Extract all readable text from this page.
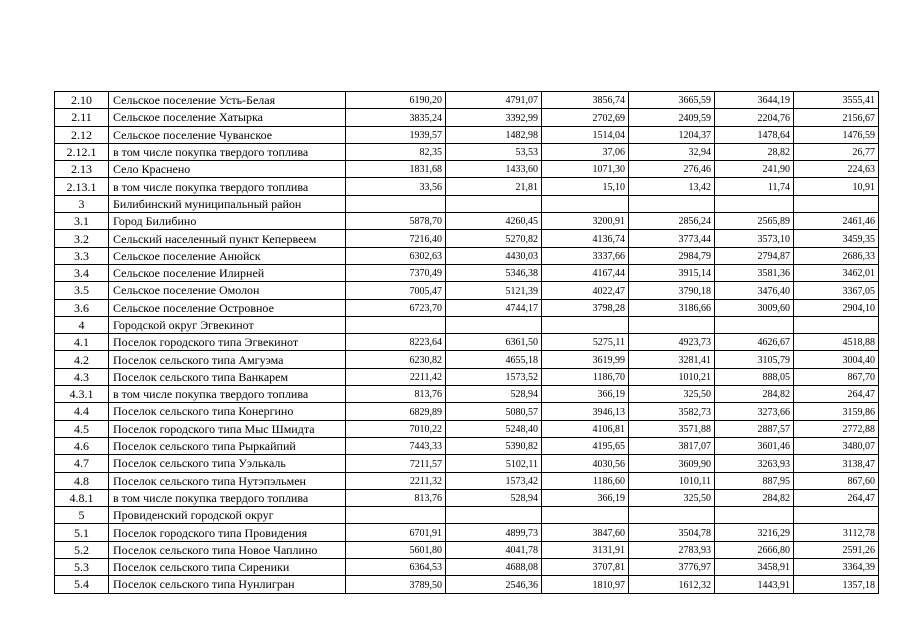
2.10	Сельское поселение Усть-Белая	6190,20	4791,07	3856,74	3665,59	3644,19	3555,41
2.11	Сельское поселение Хатырка	3835,24	3392,99	2702,69	2409,59	2204,76	2156,67
2.12	Сельское поселение Чуванское	1939,57	1482,98	1514,04	1204,37	1478,64	1476,59
2.12.1	в том числе покупка твердого топлива	82,35	53,53	37,06	32,94	28,82	26,77
2.13	Село Краснено	1831,68	1433,60	1071,30	276,46	241,90	224,63
2.13.1	в том числе покупка твердого топлива	33,56	21,81	15,10	13,42	11,74	10,91
3	Билибинский муниципальный район						
3.1	Город Билибино	5878,70	4260,45	3200,91	2856,24	2565,89	2461,46
3.2	Сельский населенный пункт Кепервеем	7216,40	5270,82	4136,74	3773,44	3573,10	3459,35
3.3	Сельское поселение Анюйск	6302,63	4430,03	3337,66	2984,79	2794,87	2686,33
3.4	Сельское поселение Илирней	7370,49	5346,38	4167,44	3915,14	3581,36	3462,01
3.5	Сельское поселение Омолон	7005,47	5121,39	4022,47	3790,18	3476,40	3367,05
3.6	Сельское поселение Островное	6723,70	4744,17	3798,28	3186,66	3009,60	2904,10
4	Городской округ Эгвекинот						
4.1	Поселок городского типа Эгвекинот	8223,64	6361,50	5275,11	4923,73	4626,67	4518,88
4.2	Поселок сельского типа Амгуэма	6230,82	4655,18	3619,99	3281,41	3105,79	3004,40
4.3	Поселок сельского типа Ванкарем	2211,42	1573,52	1186,70	1010,21	888,05	867,70
4.3.1	в том числе покупка твердого топлива	813,76	528,94	366,19	325,50	284,82	264,47
4.4	Поселок сельского типа Конергино	6829,89	5080,57	3946,13	3582,73	3273,66	3159,86
4.5	Поселок городского типа Мыс Шмидта	7010,22	5248,40	4106,81	3571,88	2887,57	2772,88
4.6	Поселок сельского типа Рыркайпий	7443,33	5390,82	4195,65	3817,07	3601,46	3480,07
4.7	Поселок сельского типа Уэлькаль	7211,57	5102,11	4030,56	3609,90	3263,93	3138,47
4.8	Поселок сельского типа Нутэпэльмен	2211,32	1573,42	1186,60	1010,11	887,95	867,60
4.8.1	в том числе покупка твердого топлива	813,76	528,94	366,19	325,50	284,82	264,47
5	Провиденский городской округ						
5.1	Поселок городского типа Провидения	6701,91	4899,73	3847,60	3504,78	3216,29	3112,78
5.2	Поселок сельского типа Новое Чаплино	5601,80	4041,78	3131,91	2783,93	2666,80	2591,26
5.3	Поселок сельского типа Сиреники	6364,53	4688,08	3707,81	3776,97	3458,91	3364,39
5.4	Поселок сельского типа Нунлигран	3789,50	2546,36	1810,97	1612,32	1443,91	1357,18
